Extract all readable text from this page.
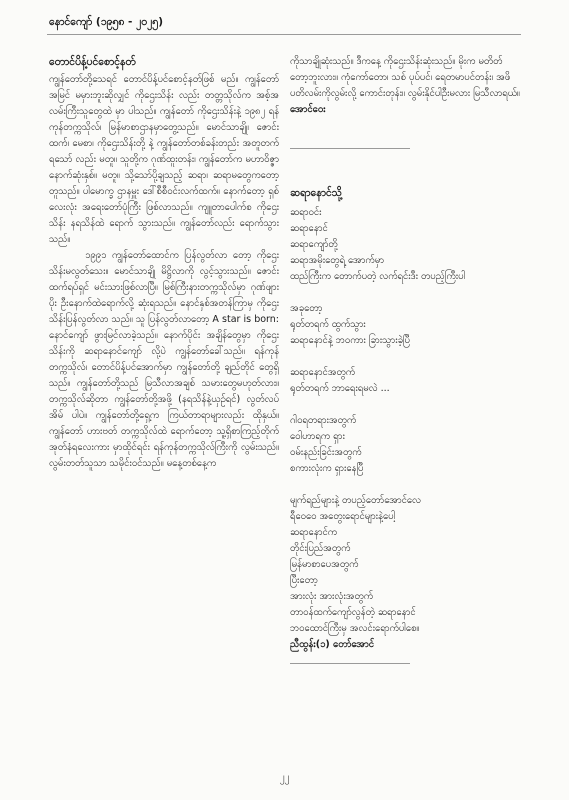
နောင်ကျော် (၁၉၅၈ - ၂၀၂၅)
တောင်ပိန့်ပင်စောင့်နတ်

ကျွန်တော်တို့သေရင် တောင်ပိန့်ပင်စောင့်နတ်ဖြစ် မည်။ ကျွန်တော်အမြင် မမှားဘူးဆိုလျှင် ကိုဌေးသိန်း လည်း တတ္တသိုလ်က အစ့်အလမ်းကြီးသူတွေထဲ မှာ ပါသည်။ ကျွန်တော် ကိုဌေးသိန်းနဲ့ ၁၉၈၂ ရန်ကုန်တက္ကသိုလ်၊ မြန်မာစာဌာနမှာတွေ့သည်။ မောင်သာချို၊ ဇောင်းထက်၊ မေစာ၊ ကိုဌေးသိန်းတို့ နဲ့ ကျွန်တော်တစ်ခန်းတည်း အတူတက်ရသော် လည်း မတူ။ သူတို့က ဂုဏ်ထူးတန်း၊ ကျွန်တော်က မဟာဝိဇ္ဇာနောက်ဆုံးနှစ်။ မတူ။ သို့သော်ပို့ချသည့် ဆရာ၊ ဆရာမတွေကတော့ တူသည်။ ပါမောက္ခ ဌာနမှူး ဒေါ်စီစီဝင်းလက်ထက်။ နောက်တော့ ရှစ်လေးလုံး အရေးတော်ပုံကြီး ဖြစ်လာသည်။ ကျူတာပေါက်စ ကိုဌေးသိန်း နရသိန်ထဲ ရောက် သွားသည်။ ကျွန်တော်လည်း ရောက်သွားသည်။

၁၉၉၁ ကျွန်တော်ထောင်က ပြန်လွတ်လာ တော့ ကိုဌေးသိန်းမလွတ်သေး။ မောင်သာချို မိဋ္ဌိလာကို လွင့်သွားသည်။ ဇောင်းထက်ရပ်ရှင် မင်းသားဖြစ်လာပြီ။ မြစ်ကြီးနားတက္ကသိုလ်မှာ ဂုဏ်ဖျားပိုး ဦးနောက်ထဲရောက်လို့ ဆုံးရသည်။ နောင်နှစ်အတန်ကြာမှ ကိုဌေးသိန်းပြန်လွတ်လာ သည်။ သူ ပြန်လွတ်လာတော့ A star is born: နောင်ကျော် ဖွားမြင်လာခဲ့သည်။ နောက်ပိုင်း အချိန်တွေမှာ ကိုဌေးသိန်းကို ဆရာနောင်ကျော် လို့ပဲ ကျွန်တော်ခေါ်သည်။ ရန်ကုန်တက္ကသိုလ်၊ တောင်ပိန့်ပင်အောက်မှာ ကျွန်တော်တို့ ချည်တိုင် တွေရှိသည်။ ကျွန်တော်တို့သည် မြသီလာအချစ် သမားတွေမဟုတ်လား။ တက္ကသိုလ်ဆိုတာ ကျွန်တော်တို့အဖို့ (နရသိန်နဲ့ယှဉ်ရင်) လွတ်လပ်အိမ် ပါပဲ။ ကျွန်တော်တို့ရှေ့က ကြယ်တာရာများလည်း ထိုနှယ်။ ကျွန်တော် ဟားဗတ် တက္ကသိုလ်ထဲ ရောက်တော့ သူ့ရှိစာကြည့်တိုက် အုတ်နံရလေးကား မှာထိုင်ရင်း ရန်ကုန်တက္ကသိုလ်ကြီးကို လွမ်းသည်။ လွမ်းတတ်သူသာ သမိုင်းဝင်သည်။ မနေ့တစ်နေ့က

ကိုသာချိုဆုံးသည်။ ဒီကနေ့ ကိုဌေးသိန်းဆုံးသည်။ မိုးက မတိတ်တော့ဘူးလား။ ကုံကော်တော၊ သစ် ပုပ်ပင်၊ ရေတမာပင်တန်း၊ အဖိပတိလမ်းကိုလွမ်းလို့ ကောင်းတုန်း။ လွမ်းနိုင်ပါဦးမလား မြသီလာရယ်။

အောင်ဝေး
ဆရာနောင်သို့
ဆရာဝင်း
ဆရာနောင်
ဆရာကျော်တို့
ဆရာအမိုးတွေရဲ့ အောက်မှာ
ထည်ကြီးက တောက်ပတဲ့ လက်ရင်းဒီး တပည့်ကြီးပါ
အခုတော့
ရုတ်တရက် ထွက်သွား
ဆရာနောင်နဲ့ ဘဝကား ခြားသွားခဲ့ပြီ
ဆရာနောင်အတွက်
ရုတ်တရက် ဘာရေးရမလဲ ...
ဂါဝရတရားအတွက်
ဝေါဟာရက ရှား
ဝမ်းနည်းခြင်းအတွက်
စကားလုံးက ရှားနေပြီ
မျက်ရည်များနဲ့ တပည့်တော်အောင်လေ
ရီဝေဝေ အတွေးရောင်များနဲ့ပေါ့
ဆရာနောင်က
တိုင်းပြည်အတွက်
မြန်မာစာပေအတွက်
ပြီးတော့
အားလုံး အားလုံးအတွက်
တာဝန်ထက်ကျော်လွန်တဲ့ ဆရာနောင်
ဘဝထောင်ကြီးမှ အလင်းရောက်ပါစေ။
ညီထွန်း(၁) တော်အောင်
၂၂
